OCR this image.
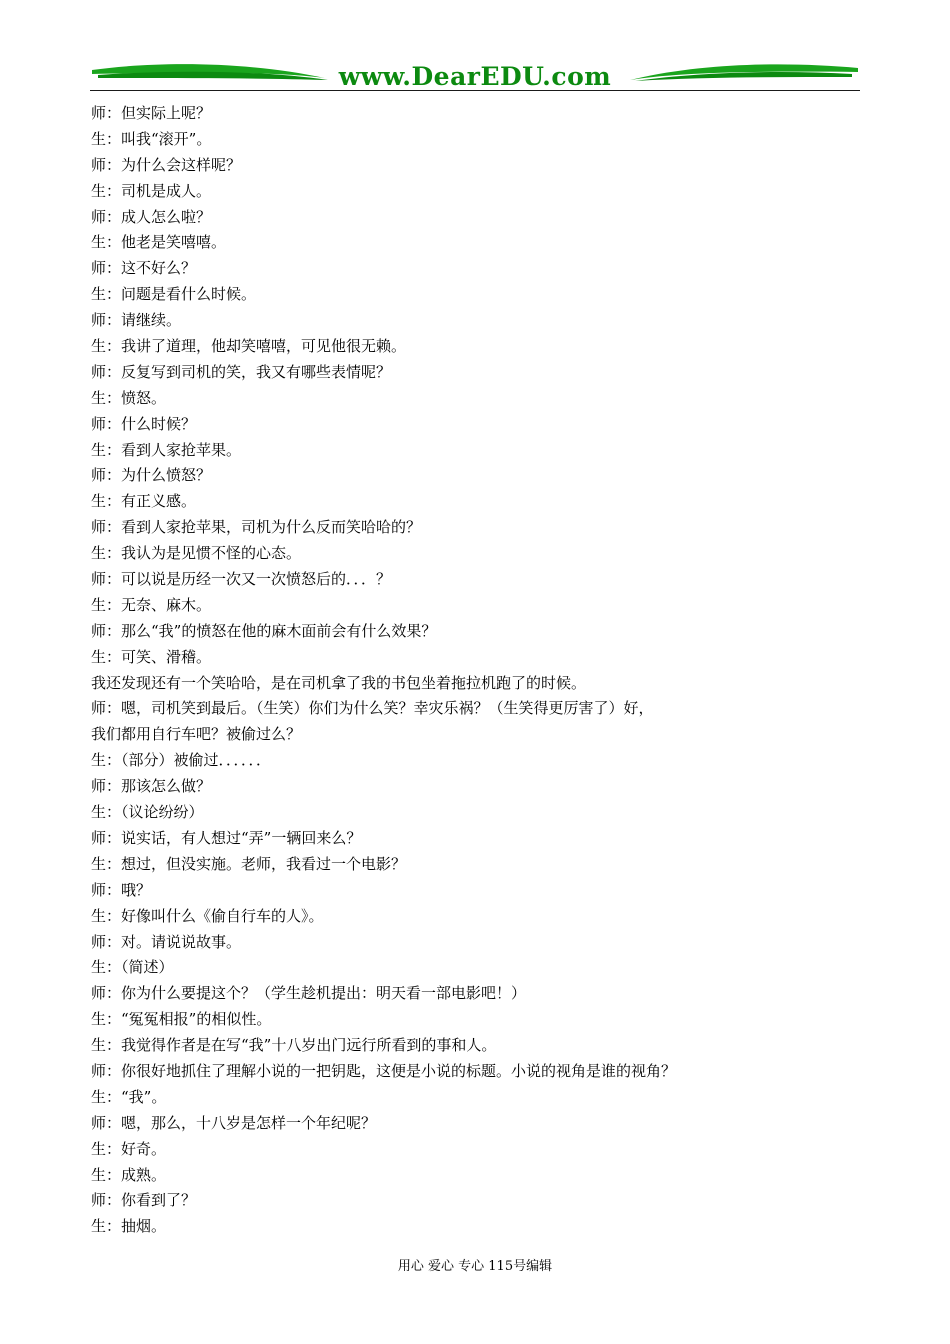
www.DearEDU.com
师：但实际上呢？
生：叫我“滚开”。
师：为什么会这样呢？
生：司机是成人。
师：成人怎么啦？
生：他老是笑嘻嘻。
师：这不好么？
生：问题是看什么时候。
师：请继续。
生：我讲了道理，他却笑嘻嘻，可见他很无赖。
师：反复写到司机的笑，我又有哪些表情呢？
生：愤怒。
师：什么时候？
生：看到人家抢苹果。
师：为什么愤怒？
生：有正义感。
师：看到人家抢苹果，司机为什么反而笑哈哈的？
生：我认为是见惯不怪的心态。
师：可以说是历经一次又一次愤怒后的．．．？
生：无奈、麻木。
师：那么“我”的愤怒在他的麻木面前会有什么效果？
生：可笑、滑稽。
我还发现还有一个笑哈哈，是在司机拿了我的书包坐着拖拉机跑了的时候。
师：嗯，司机笑到最后。（生笑）你们为什么笑？幸灾乐祸？（生笑得更厉害了）好，
我们都用自行车吧？被偷过么？
生：（部分）被偷过．．．．．．
师：那该怎么做？
生：（议论纷纷）
师：说实话，有人想过“弄”一辆回来么？
生：想过，但没实施。老师，我看过一个电影？
师：哦？
生：好像叫什么《偷自行车的人》。
师：对。请说说故事。
生：（简述）
师：你为什么要提这个？（学生趁机提出：明天看一部电影吧！）
生：“冤冤相报”的相似性。
生：我觉得作者是在写“我”十八岁出门远行所看到的事和人。
师：你很好地抓住了理解小说的一把钥匙，这便是小说的标题。小说的视角是谁的视角？
生：“我”。
师：嗯，那么，十八岁是怎样一个年纪呢？
生：好奇。
生：成熟。
师：你看到了？
生：抽烟。
用心 爱心 专心 115号编辑
